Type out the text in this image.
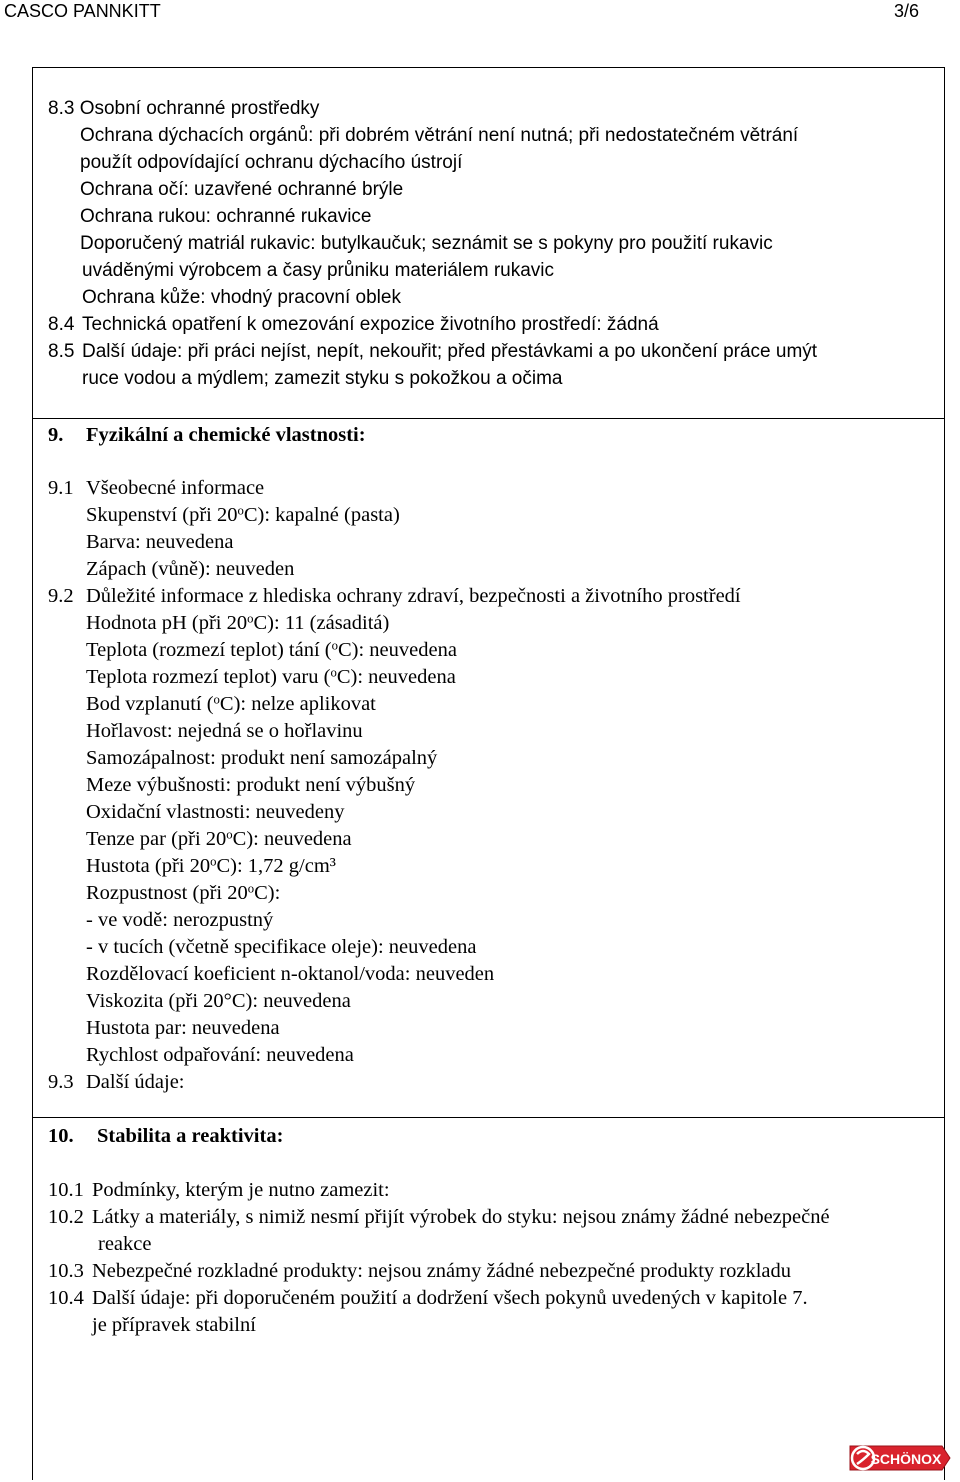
CASCO PANNKITT	3/6
8.3 Osobní ochranné prostředky
Ochrana dýchacích orgánů: při dobrém větrání není nutná; při nedostatečném větrání
použít odpovídající ochranu dýchacího ústrojí
Ochrana očí: uzavřené ochranné brýle
Ochrana rukou: ochranné rukavice
Doporučený matriál rukavic: butylkaučuk; seznámit se s pokyny pro použití rukavic
uváděnými výrobcem a časy průniku materiálem rukavic
Ochrana kůže: vhodný pracovní oblek
8.4 Technická opatření k omezování expozice životního prostředí: žádná
8.5 Další údaje: při práci nejíst, nepít, nekouřit; před přestávkami a po ukončení práce umýt
ruce vodou a mýdlem; zamezit styku s pokožkou a očima
9. Fyzikální a chemické vlastnosti:
9.1 Všeobecné informace
Skupenství (při 20$^o$C): kapalné (pasta)
Barva: neuvedena
Zápach (vůně): neuveden
9.2 Důležité informace z hlediska ochrany zdraví, bezpečnosti a životního prostředí
Hodnota pH (při 20$^o$C): 11 (zásaditá)
Teplota (rozmezí teplot) tání ($^o$C): neuvedena
Teplota rozmezí teplot) varu ($^o$C): neuvedena
Bod vzplanutí ($^o$C): nelze aplikovat
Hořlavost: nejedná se o hořlavinu
Samozápalnost: produkt není samozápalný
Meze výbušnosti: produkt není výbušný
Oxidační vlastnosti: neuvedeny
Tenze par (při 20$^o$C): neuvedena
Hustota (při 20$^o$C): 1,72 g/cm³
Rozpustnost (při 20$^o$C):
- ve vodě: nerozpustný
- v tucích (včetně specifikace oleje): neuvedena
Rozdělovací koeficient n-oktanol/voda: neuveden
Viskozita (při 20°C): neuvedena
Hustota par: neuvedena
Rychlost odpařování: neuvedena
9.3 Další údaje:
10. Stabilita a reaktivita:
10.1 Podmínky, kterým je nutno zamezit:
10.2 Látky a materiály, s nimiž nesmí přijít výrobek do styku: nejsou známy žádné nebezpečné
reakce
10.3 Nebezpečné rozkladné produkty: nejsou známy žádné nebezpečné produkty rozkladu
10.4 Další údaje: při doporučeném použití a dodržení všech pokynů uvedených v kapitole 7.
je přípravek stabilní
SCHÖNOX
